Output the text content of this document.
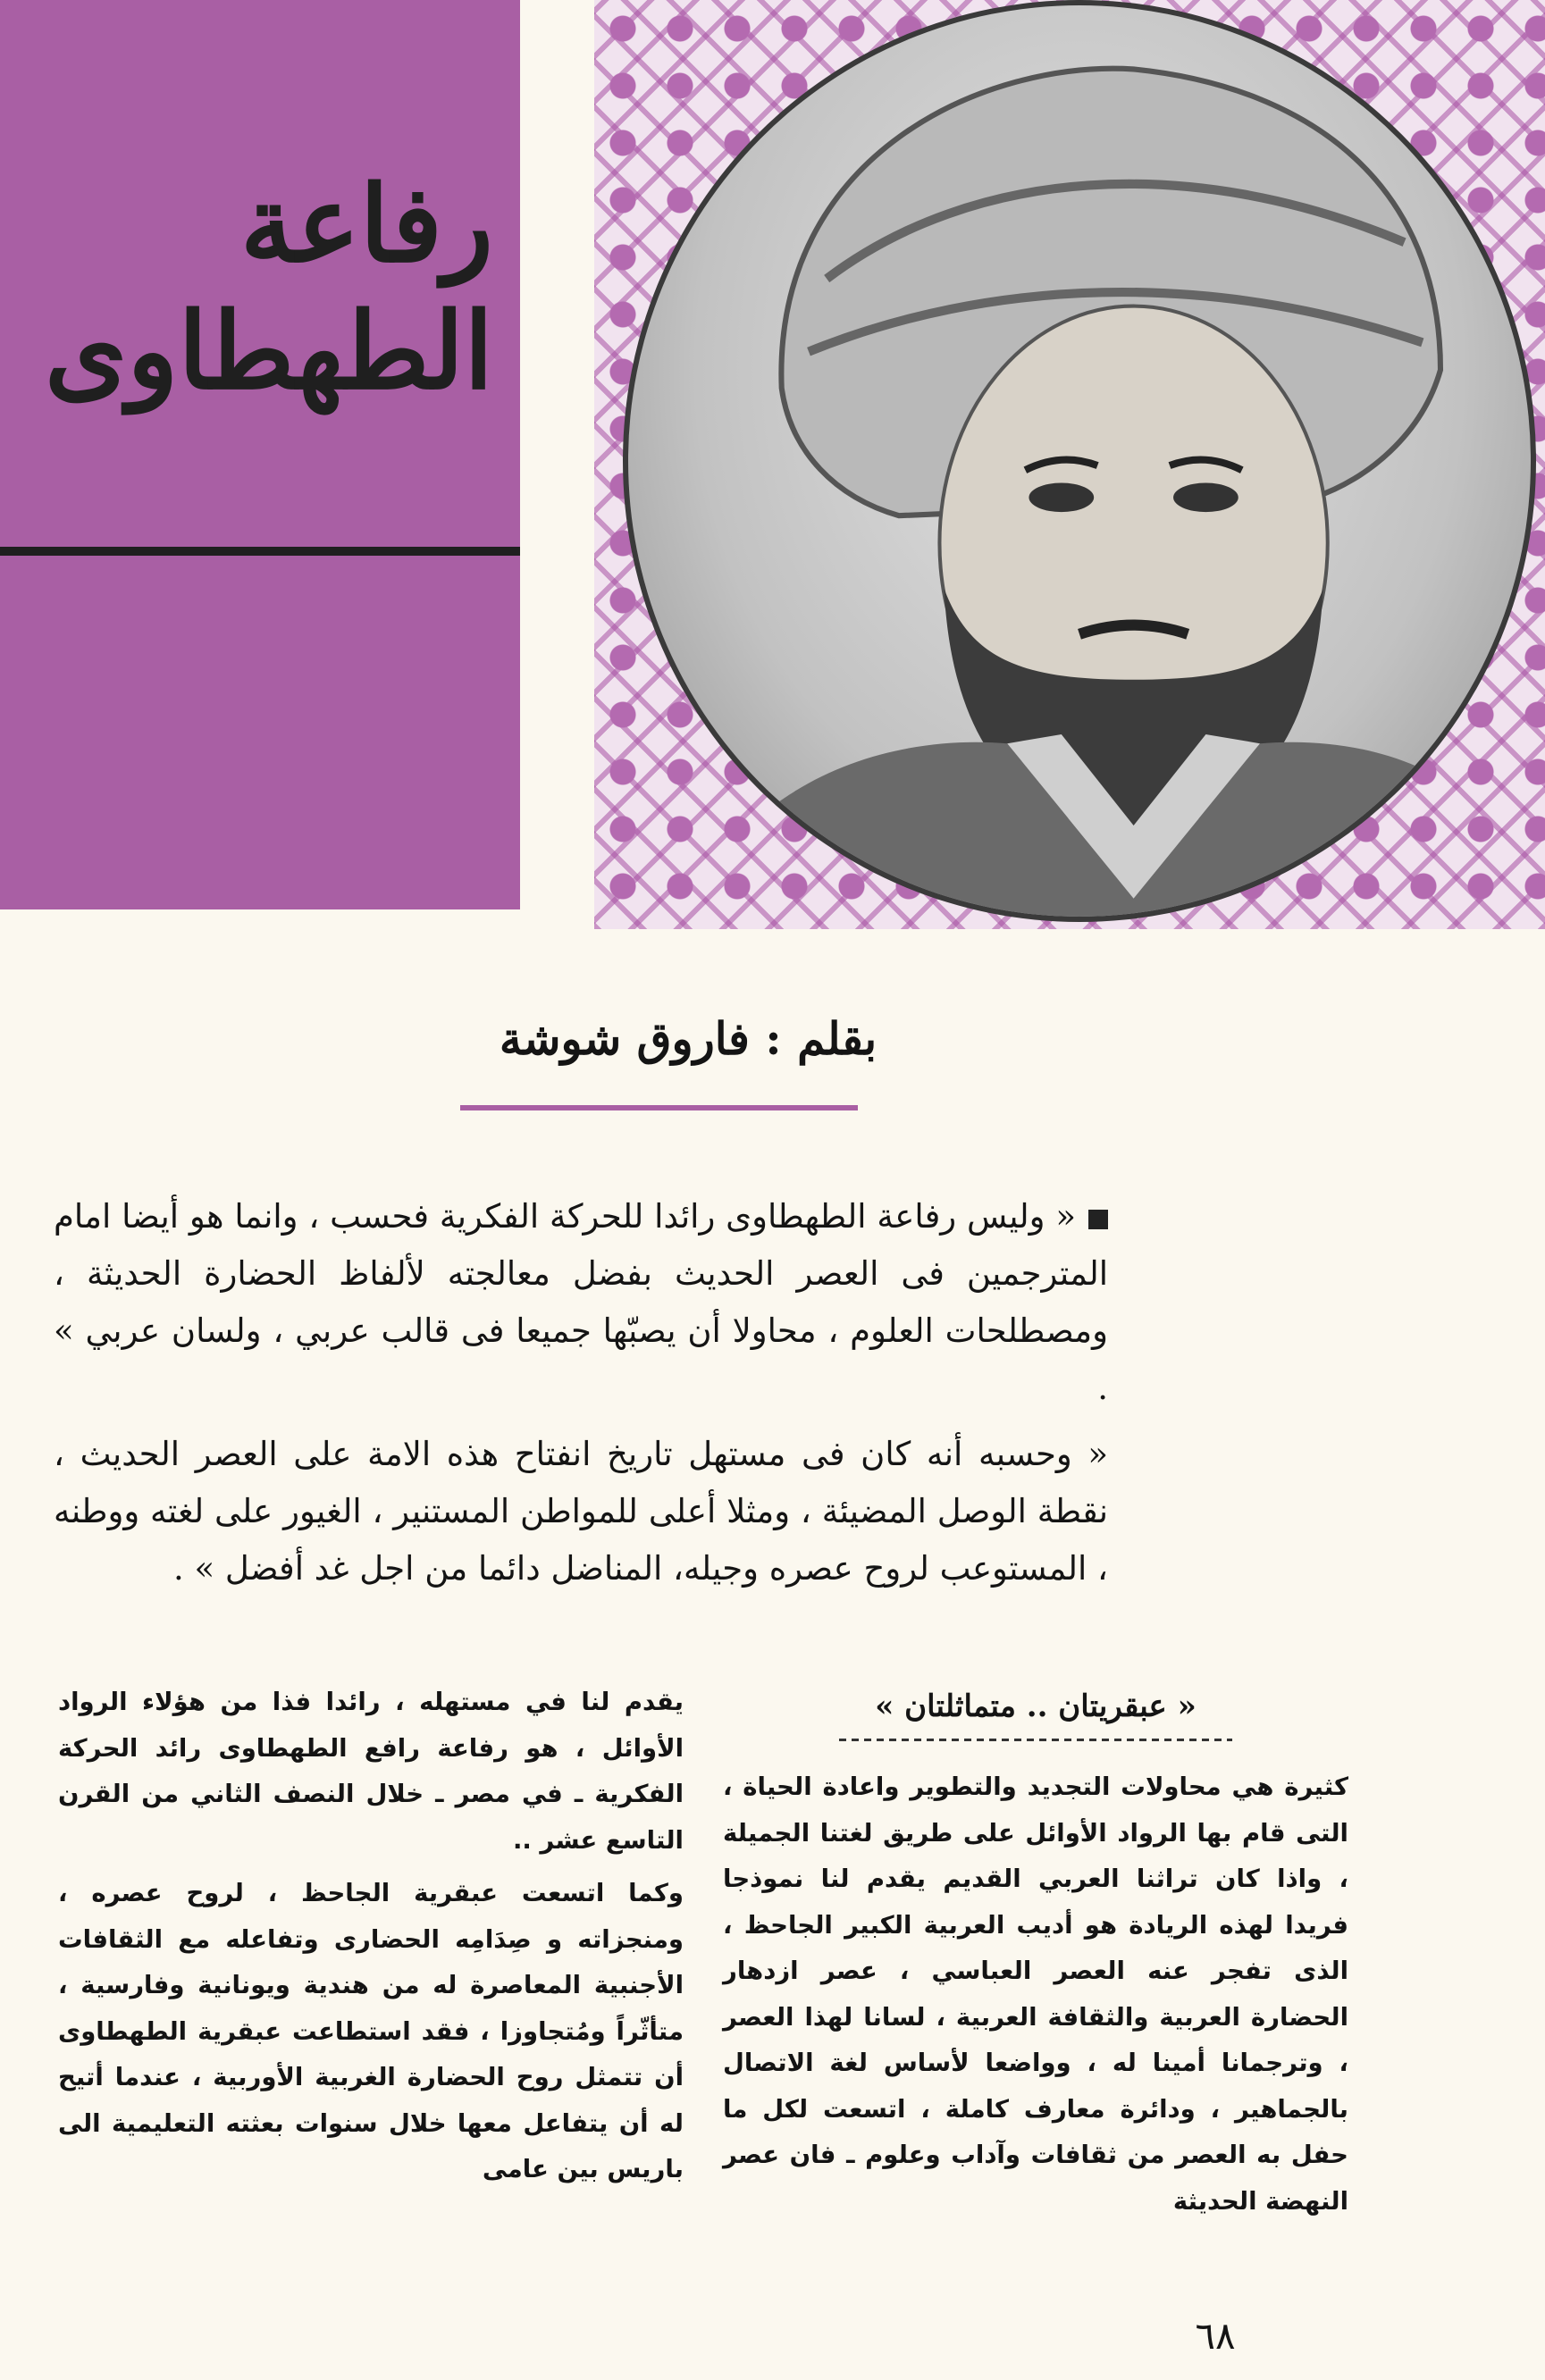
رفاعة
الطهطاوى
بقلم : فاروق شوشة

« وليس رفاعة الطهطاوى رائدا للحركة الفكرية فحسب ، وانما هو أيضا امام المترجمين فى العصر الحديث بفضل معالجته لألفاظ الحضارة الحديثة ، ومصطلحات العلوم ، محاولا أن يصبّها جميعا فى قالب عربي ، ولسان عربي » .

« وحسبه أنه كان فى مستهل تاريخ انفتاح هذه الامة على العصر الحديث ، نقطة الوصل المضيئة ، ومثلا أعلى للمواطن المستنير ، الغيور على لغته ووطنه ، المستوعب لروح عصره وجيله، المناضل دائما من اجل غد أفضل » .

« عبقريتان .. متماثلتان »

كثيرة هي محاولات التجديد والتطوير واعادة الحياة ، التى قام بها الرواد الأوائل على طريق لغتنا الجميلة ، واذا كان تراثنا العربي القديم يقدم لنا نموذجا فريدا لهذه الريادة هو أديب العربية الكبير الجاحظ ، الذى تفجر عنه العصر العباسي ، عصر ازدهار الحضارة العربية والثقافة العربية ، لسانا لهذا العصر ، وترجمانا أمينا له ، وواضعا لأساس لغة الاتصال بالجماهير ، ودائرة معارف كاملة ، اتسعت لكل ما حفل به العصر من ثقافات وآداب وعلوم ـ فان عصر النهضة الحديثة

يقدم لنا في مستهله ، رائدا فذا من هؤلاء الرواد الأوائل ، هو رفاعة رافع الطهطاوى رائد الحركة الفكرية ـ في مصر ـ خلال النصف الثاني من القرن التاسع عشر ..

وكما اتسعت عبقرية الجاحظ ، لروح عصره ، ومنجزاته و صِدَامِه الحضارى وتفاعله مع الثقافات الأجنبية المعاصرة له من هندية ويونانية وفارسية ، متأثّراً ومُتجاوزا ، فقد استطاعت عبقرية الطهطاوى أن تتمثل روح الحضارة الغربية الأوربية ، عندما أتيح له أن يتفاعل معها خلال سنوات بعثته التعليمية الى باريس بين عامى

٦٨
